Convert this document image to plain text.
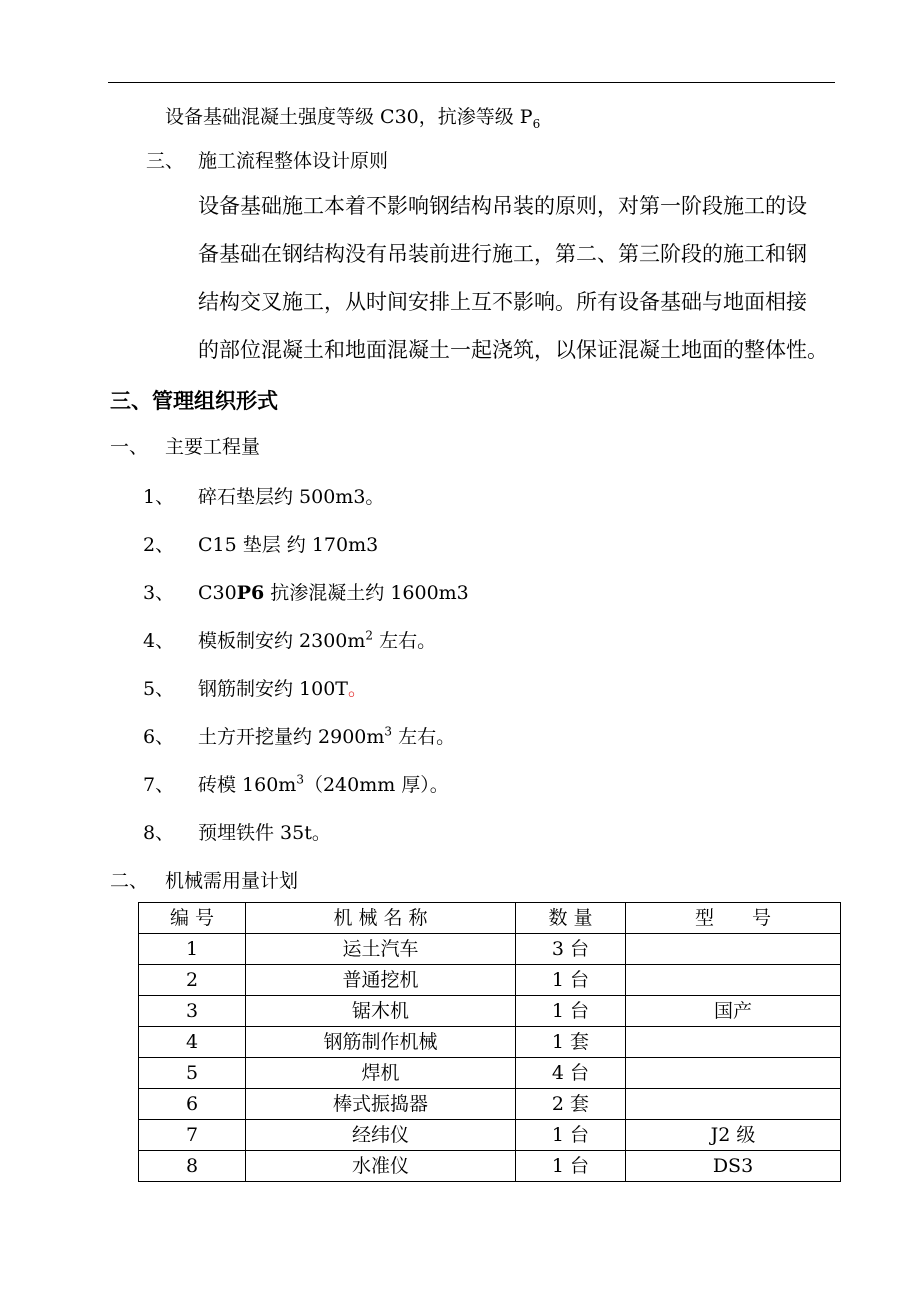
设备基础混凝土强度等级 C30，抗渗等级 $P_6$
三、 施工流程整体设计原则
设备基础施工本着不影响钢结构吊装的原则，对第一阶段施工的设
备基础在钢结构没有吊装前进行施工，第二、第三阶段的施工和钢
结构交叉施工，从时间安排上互不影响。所有设备基础与地面相接
的部位混凝土和地面混凝土一起浇筑，以保证混凝土地面的整体性。
三、管理组织形式
一、 主要工程量
1、 碎石垫层约 500m3。
2、 C15 垫层 约 170m3
3、 C30P6 抗渗混凝土约 1600m3
4、 模板制安约 $2300m^2$ 左右。
5、 钢筋制安约 100T。
6、 土方开挖量约 $2900m^3$ 左右。
7、 砖模 $160m^3(240mm$ 厚）。
8、 预埋铁件 35t。
二、 机械需用量计划
编 号	机 械 名 称	数 量	型　　号
1	运土汽车	3 台	
2	普通挖机	1 台	
3	锯木机	1 台	国产
4	钢筋制作机械	1 套	
5	焊机	4 台	
6	棒式振捣器	2 套	
7	经纬仪	1 台	J2 级
8	水准仪	1 台	DS3
